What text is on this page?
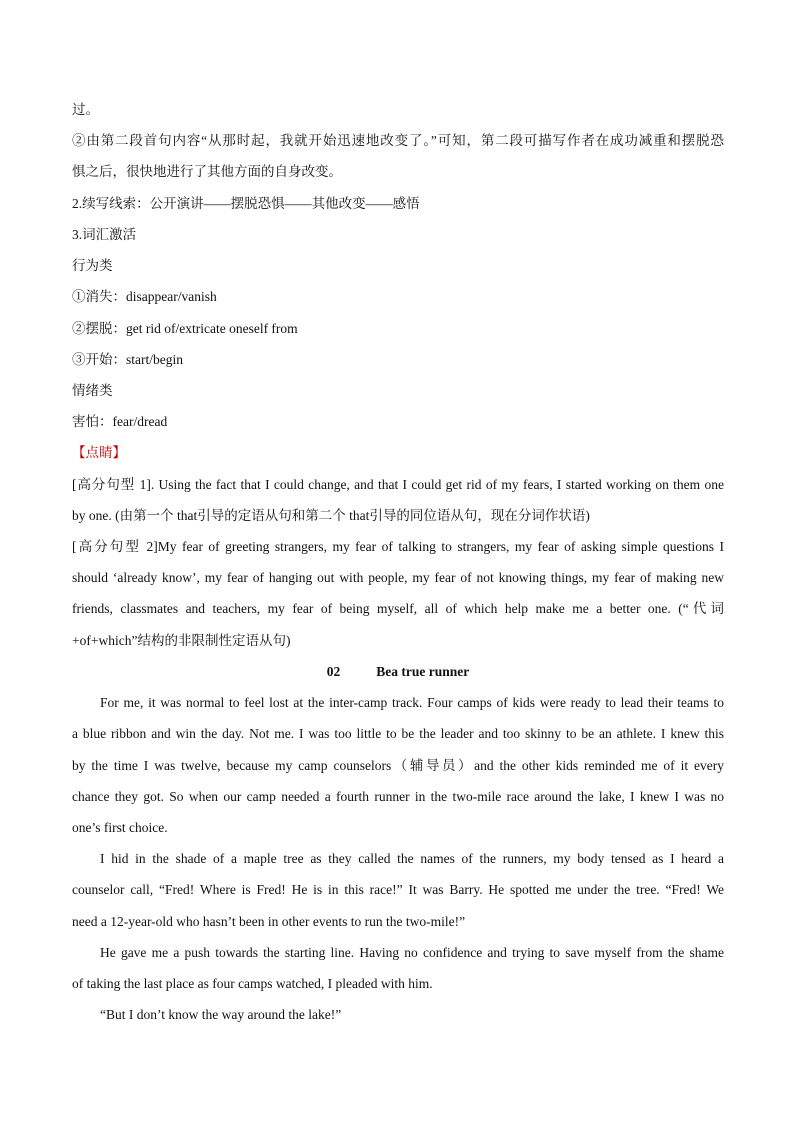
过。
②由第二段首句内容“从那时起，我就开始迅速地改变了。”可知，第二段可描写作者在成功减重和摆脱恐
惧之后，很快地进行了其他方面的自身改变。
2.续写线索：公开演讲——摆脱恐惧——其他改变——感悟
3.词汇激活
行为类
①消失：disappear/vanish
②摆脱：get rid of/extricate oneself from
③开始：start/begin
情绪类
害怕：fear/dread
【点睛】
[高分句型 1]. Using the fact that I could change, and that I could get rid of my fears, I started working on them one
by one. (由第一个 that引导的定语从句和第二个 that引导的同位语从句，现在分词作状语)
[高分句型 2]My fear of greeting strangers, my fear of talking to strangers, my fear of asking simple questions I
should ‘already know’, my fear of hanging out with people, my fear of not knowing things, my fear of making new
friends, classmates and teachers, my fear of being myself, all of which help make me a better one. (“代词
+of+which”结构的非限制性定语从句)
02	Bea true runner
For me, it was normal to feel lost at the inter-camp track. Four camps of kids were ready to lead their teams to
a blue ribbon and win the day. Not me. I was too little to be the leader and too skinny to be an athlete. I knew this
by the time I was twelve, because my camp counselors（辅导员）and the other kids reminded me of it every
chance they got. So when our camp needed a fourth runner in the two-mile race around the lake, I knew I was no
one’s first choice.
I hid in the shade of a maple tree as they called the names of the runners, my body tensed as I heard a
counselor call, “Fred! Where is Fred! He is in this race!” It was Barry. He spotted me under the tree. “Fred! We
need a 12-year-old who hasn’t been in other events to run the two-mile!”
He gave me a push towards the starting line. Having no confidence and trying to save myself from the shame
of taking the last place as four camps watched, I pleaded with him.
“But I don’t know the way around the lake!”
